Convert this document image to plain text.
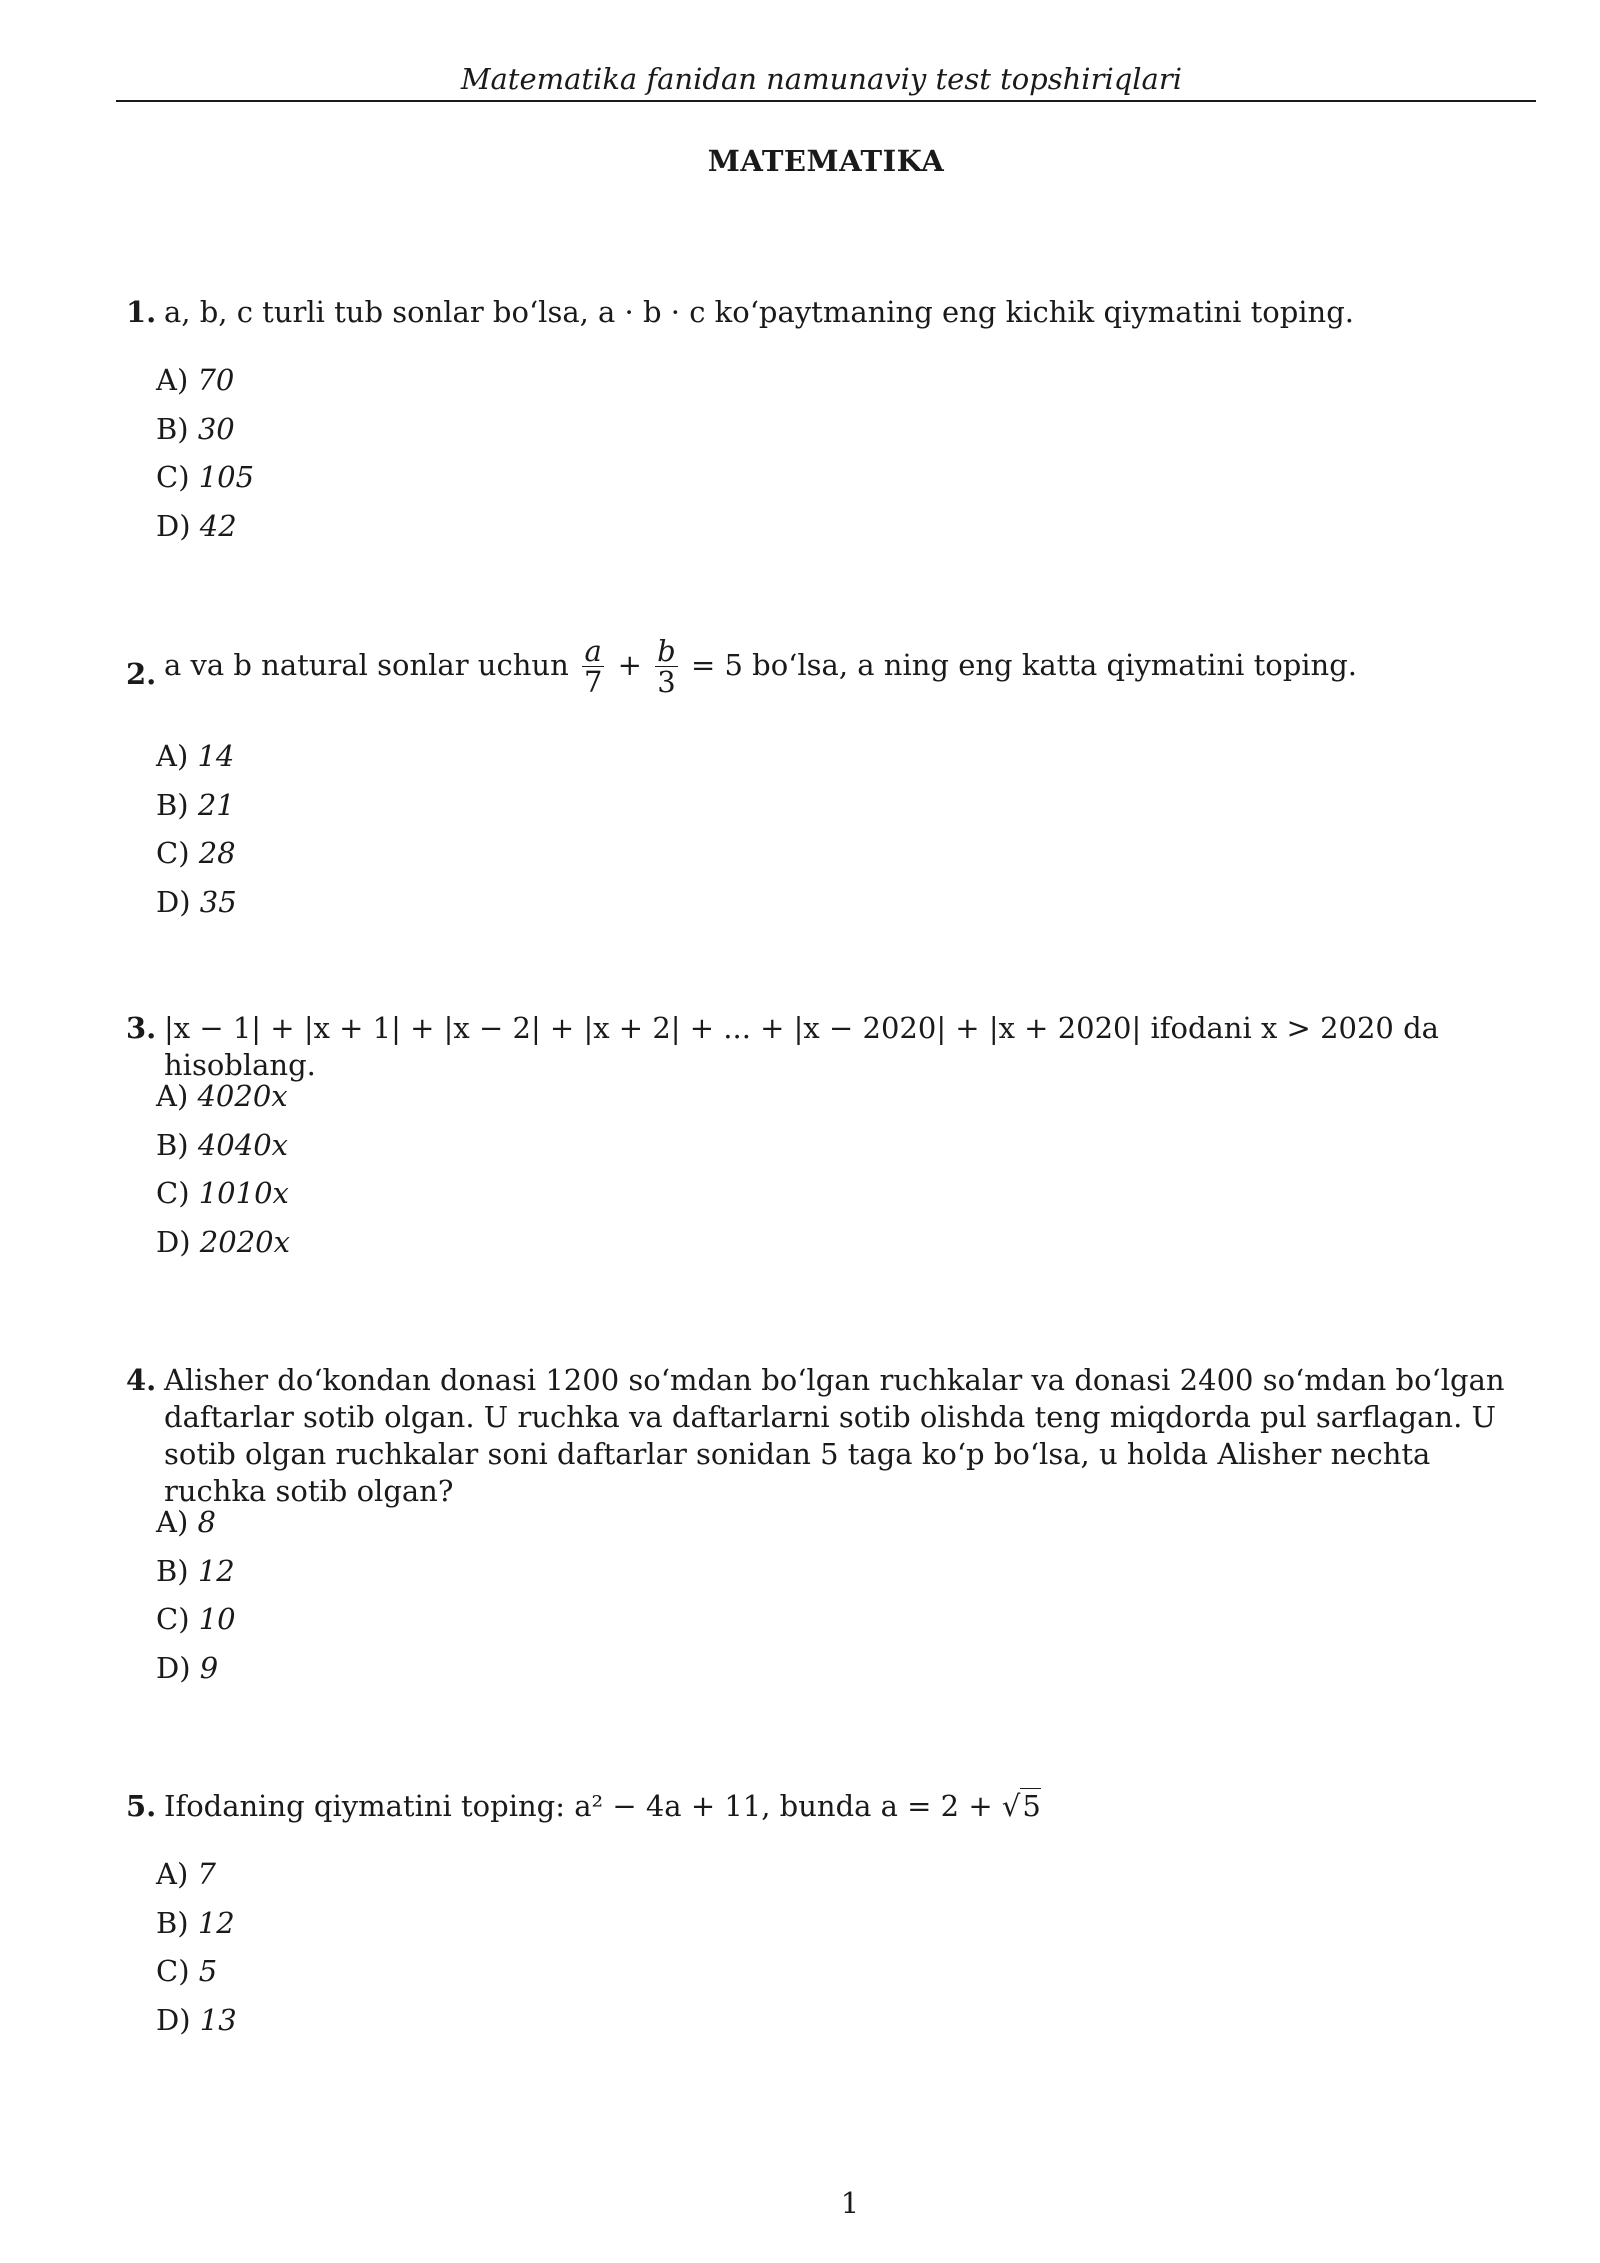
Matematika fanidan namunaviy test topshiriqlari
MATEMATIKA
1. a, b, c turli tub sonlar bo‘lsa, a · b · c ko‘paytmaning eng kichik qiymatini toping.
A) 70
B) 30
C) 105
D) 42
2. a va b natural sonlar uchun $\frac{a}{7} + \frac{b}{3} = 5$ bo‘lsa, a ning eng katta qiymatini toping.
A) 14
B) 21
C) 28
D) 35
3. |x − 1| + |x + 1| + |x − 2| + |x + 2| + ... + |x − 2020| + |x + 2020| ifodani x > 2020 da hisoblang.
A) 4020x
B) 4040x
C) 1010x
D) 2020x
4. Alisher do‘kondan donasi 1200 so‘mdan bo‘lgan ruchkalar va donasi 2400 so‘mdan bo‘lgan daftarlar sotib olgan. U ruchka va daftarlarni sotib olishda teng miqdorda pul sarflagan. U sotib olgan ruchkalar soni daftarlar sonidan 5 taga ko‘p bo‘lsa, u holda Alisher nechta ruchka sotib olgan?
A) 8
B) 12
C) 10
D) 9
5. Ifodaning qiymatini toping: a² − 4a + 11, bunda a = 2 + √5
A) 7
B) 12
C) 5
D) 13
1
